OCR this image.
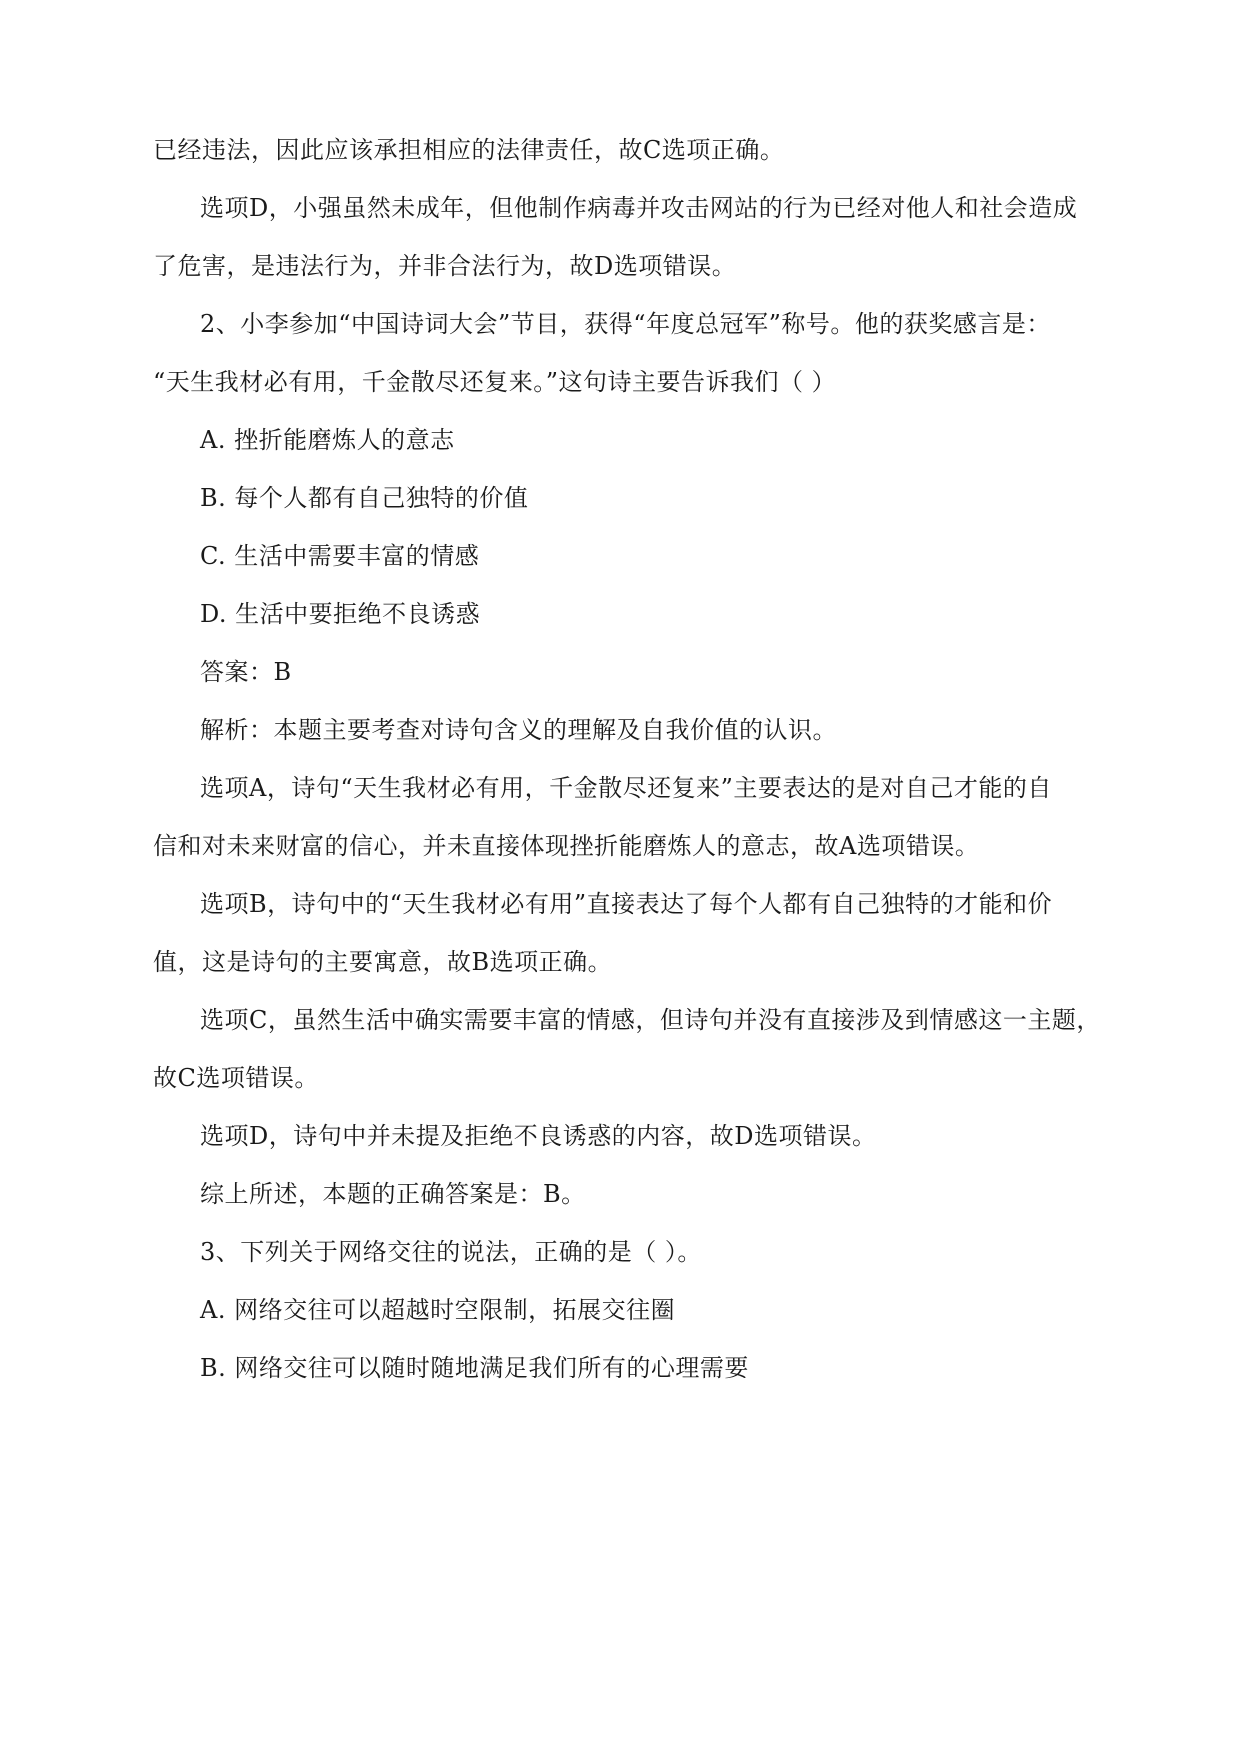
已经违法，因此应该承担相应的法律责任，故C选项正确。
选项D，小强虽然未成年，但他制作病毒并攻击网站的行为已经对他人和社会造成
了危害，是违法行为，并非合法行为，故D选项错误。
2、小李参加“中国诗词大会”节目，获得“年度总冠军”称号。他的获奖感言是：
“天生我材必有用，千金散尽还复来。”这句诗主要告诉我们（ ）
A. 挫折能磨炼人的意志
B. 每个人都有自己独特的价值
C. 生活中需要丰富的情感
D. 生活中要拒绝不良诱惑
答案：B
解析：本题主要考查对诗句含义的理解及自我价值的认识。
选项A，诗句“天生我材必有用，千金散尽还复来”主要表达的是对自己才能的自
信和对未来财富的信心，并未直接体现挫折能磨炼人的意志，故A选项错误。
选项B，诗句中的“天生我材必有用”直接表达了每个人都有自己独特的才能和价
值，这是诗句的主要寓意，故B选项正确。
选项C，虽然生活中确实需要丰富的情感，但诗句并没有直接涉及到情感这一主题，
故C选项错误。
选项D，诗句中并未提及拒绝不良诱惑的内容，故D选项错误。
综上所述，本题的正确答案是：B。
3、下列关于网络交往的说法，正确的是（ ）。
A. 网络交往可以超越时空限制，拓展交往圈
B. 网络交往可以随时随地满足我们所有的心理需要
